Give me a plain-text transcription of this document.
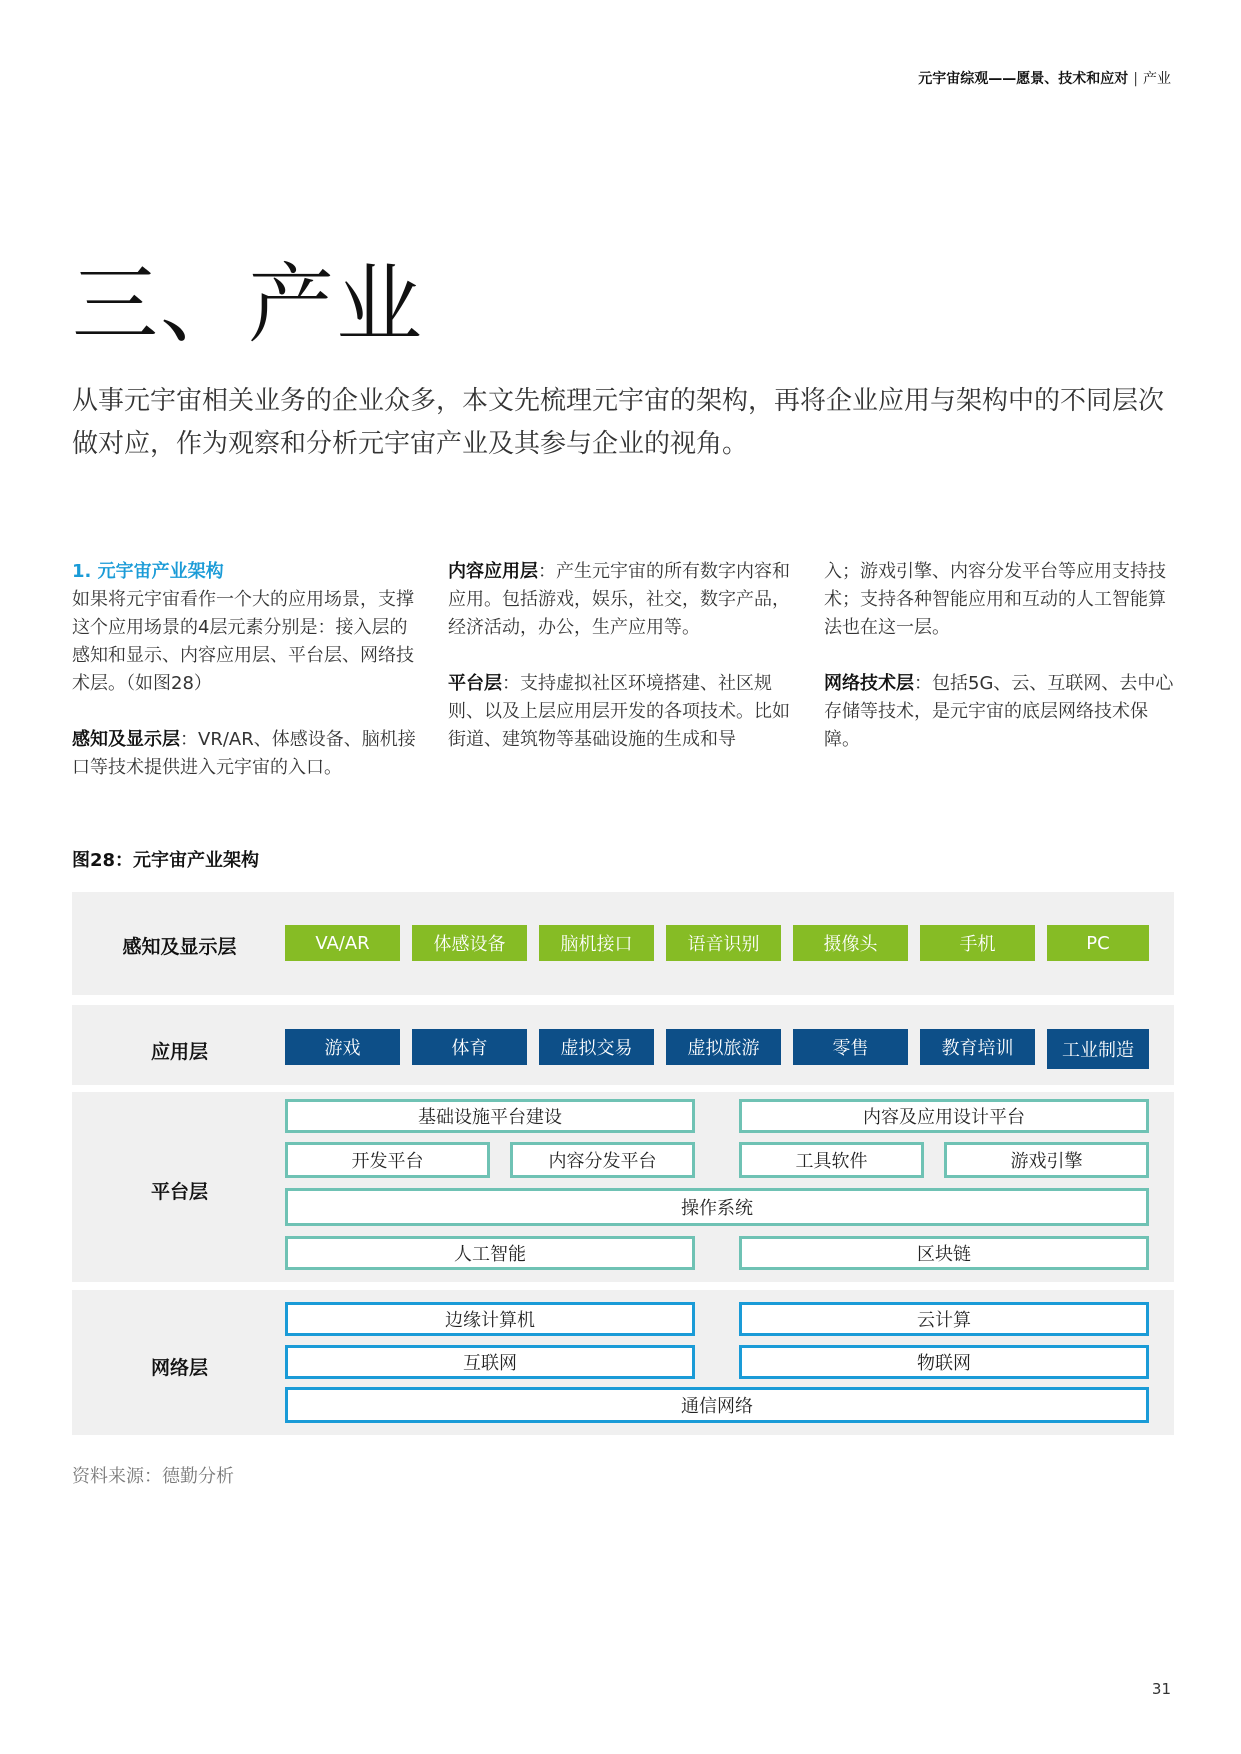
元宇宙综观——愿景、技术和应对 | 产业
三、产业

从事元宇宙相关业务的企业众多，本文先梳理元宇宙的架构，再将企业应用与架构中的不同层次做对应，作为观察和分析元宇宙产业及其参与企业的视角。

1. 元宇宙产业架构
如果将元宇宙看作一个大的应用场景，支撑这个应用场景的4层元素分别是：接入层的感知和显示、内容应用层、平台层、网络技术层。（如图28）

感知及显示层：VR/AR、体感设备、脑机接口等技术提供进入元宇宙的入口。

内容应用层：产生元宇宙的所有数字内容和应用。包括游戏，娱乐，社交，数字产品，经济活动，办公，生产应用等。

平台层：支持虚拟社区环境搭建、社区规则、以及上层应用层开发的各项技术。比如街道、建筑物等基础设施的生成和导

入；游戏引擎、内容分发平台等应用支持技术；支持各种智能应用和互动的人工智能算法也在这一层。

网络技术层：包括5G、云、互联网、去中心存储等技术，是元宇宙的底层网络技术保障。

图28：元宇宙产业架构
感知及显示层	VA/AR	体感设备	脑机接口	语音识别	摄像头	手机	PC
应用层	游戏	体育	虚拟交易	虚拟旅游	零售	教育培训	工业制造
平台层
基础设施平台建设	内容及应用设计平台
开发平台	内容分发平台	工具软件	游戏引擎
操作系统
人工智能	区块链
网络层
边缘计算机	云计算
互联网	物联网
通信网络

资料来源：德勤分析

31
